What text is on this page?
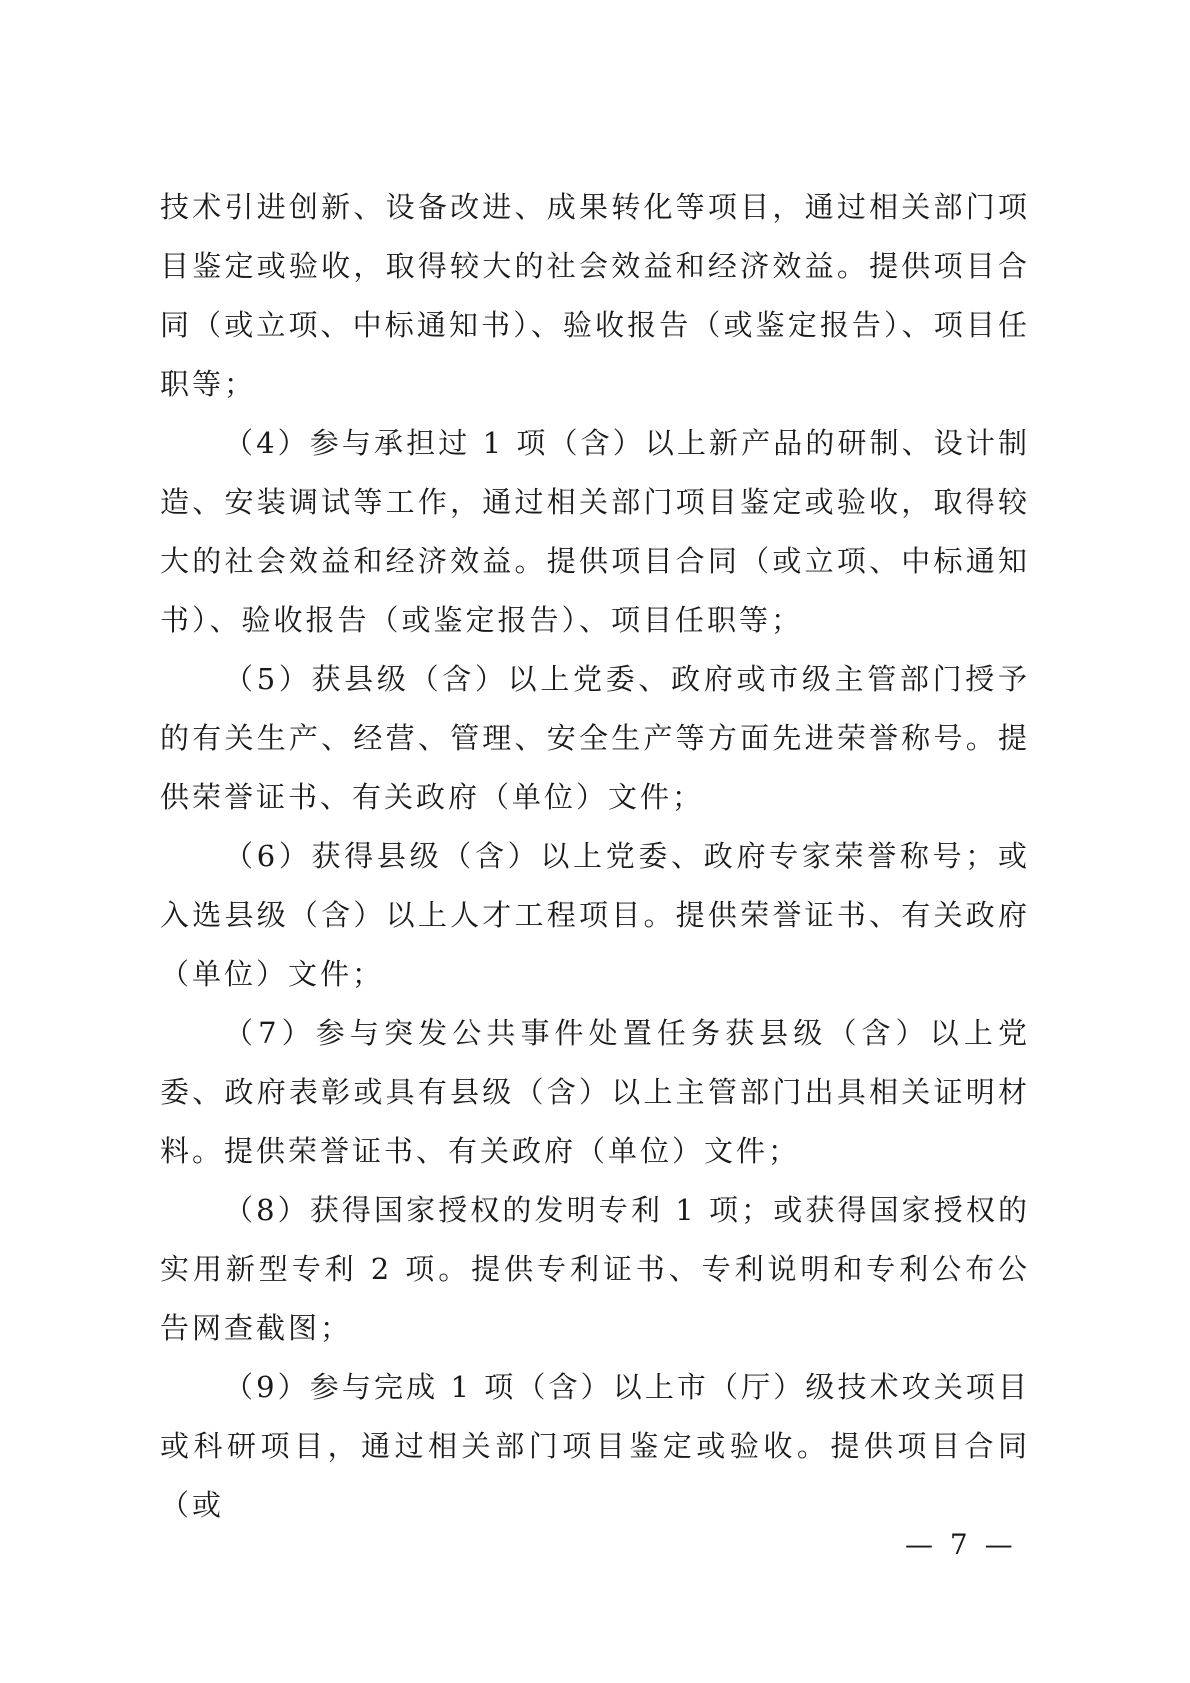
技术引进创新、设备改进、成果转化等项目，通过相关部门项目鉴定或验收，取得较大的社会效益和经济效益。提供项目合同（或立项、中标通知书）、验收报告（或鉴定报告）、项目任职等；

（4）参与承担过 1 项（含）以上新产品的研制、设计制造、安装调试等工作，通过相关部门项目鉴定或验收，取得较大的社会效益和经济效益。提供项目合同（或立项、中标通知书）、验收报告（或鉴定报告）、项目任职等；

（5）获县级（含）以上党委、政府或市级主管部门授予的有关生产、经营、管理、安全生产等方面先进荣誉称号。提供荣誉证书、有关政府（单位）文件；

（6）获得县级（含）以上党委、政府专家荣誉称号；或入选县级（含）以上人才工程项目。提供荣誉证书、有关政府（单位）文件；

（7）参与突发公共事件处置任务获县级（含）以上党委、政府表彰或具有县级（含）以上主管部门出具相关证明材料。提供荣誉证书、有关政府（单位）文件；

（8）获得国家授权的发明专利 1 项；或获得国家授权的实用新型专利 2 项。提供专利证书、专利说明和专利公布公告网查截图；

（9）参与完成 1 项（含）以上市（厅）级技术攻关项目或科研项目，通过相关部门项目鉴定或验收。提供项目合同（或

— 7 —
